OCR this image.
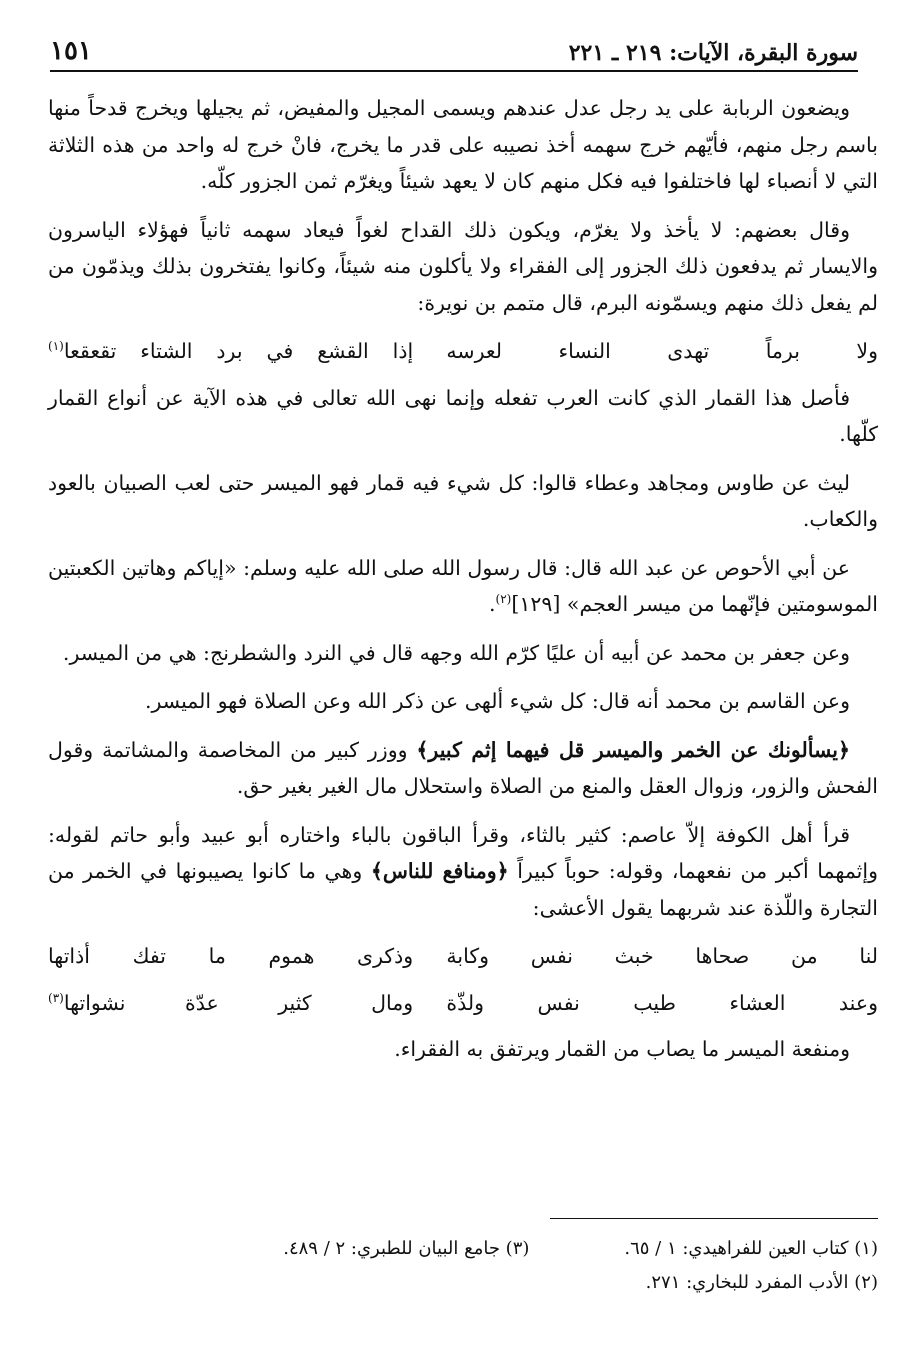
سورة البقرة، الآيات: ٢١٩ ـ ٢٢١
١٥١

ويضعون الربابة على يد رجل عدل عندهم ويسمى المجيل والمفيض، ثم يجيلها ويخرج قدحاً منها باسم رجل منهم، فأيّهم خرج سهمه أخذ نصيبه على قدر ما يخرج، فانْ خرج له واحد من هذه الثلاثة التي لا أنصباء لها فاختلفوا فيه فكل منهم كان لا يعهد شيئاً ويغرّم ثمن الجزور كلّه.

وقال بعضهم: لا يأخذ ولا يغرّم، ويكون ذلك القداح لغواً فيعاد سهمه ثانياً فهؤلاء الياسرون والايسار ثم يدفعون ذلك الجزور إلى الفقراء ولا يأكلون منه شيئاً، وكانوا يفتخرون بذلك ويذمّون من لم يفعل ذلك منهم ويسمّونه البرم، قال متمم بن نويرة:

ولا برماً تهدى النساء لعرسه
إذا القشع في برد الشتاء تقعقعا$^{(١)}$

فأصل هذا القمار الذي كانت العرب تفعله وإنما نهى الله تعالى في هذه الآية عن أنواع القمار كلّها.

ليث عن طاوس ومجاهد وعطاء قالوا: كل شيء فيه قمار فهو الميسر حتى لعب الصبيان بالعود والكعاب.

عن أبي الأحوص عن عبد الله قال: قال رسول الله صلى الله عليه وسلم: «إياكم وهاتين الكعبتين الموسومتين فإنّهما من ميسر العجم» [١٢٩]$^{(٢)}$.

وعن جعفر بن محمد عن أبيه أن عليًا كرّم الله وجهه قال في النرد والشطرنج: هي من الميسر.

وعن القاسم بن محمد أنه قال: كل شيء ألهى عن ذكر الله وعن الصلاة فهو الميسر.

﴿يسألونك عن الخمر والميسر قل فيهما إثم كبير﴾ ووزر كبير من المخاصمة والمشاتمة وقول الفحش والزور، وزوال العقل والمنع من الصلاة واستحلال مال الغير بغير حق.

قرأ أهل الكوفة إلاّ عاصم: كثير بالثاء، وقرأ الباقون بالباء واختاره أبو عبيد وأبو حاتم لقوله: وإثمهما أكبر من نفعهما، وقوله: حوباً كبيراً ﴿ومنافع للناس﴾ وهي ما كانوا يصيبونها في الخمر من التجارة واللّذة عند شربهما يقول الأعشى:

لنا من صحاها خبث نفس وكابة
وذكرى هموم ما تفك أذاتها
وعند العشاء طيب نفس ولذّة
ومال كثير عدّة نشواتها$^{(٣)}$

ومنفعة الميسر ما يصاب من القمار ويرتفق به الفقراء.

(١) كتاب العين للفراهيدي: ١ / ٦٥.
(٣) جامع البيان للطبري: ٢ / ٤٨٩.
(٢) الأدب المفرد للبخاري: ٢٧١.
